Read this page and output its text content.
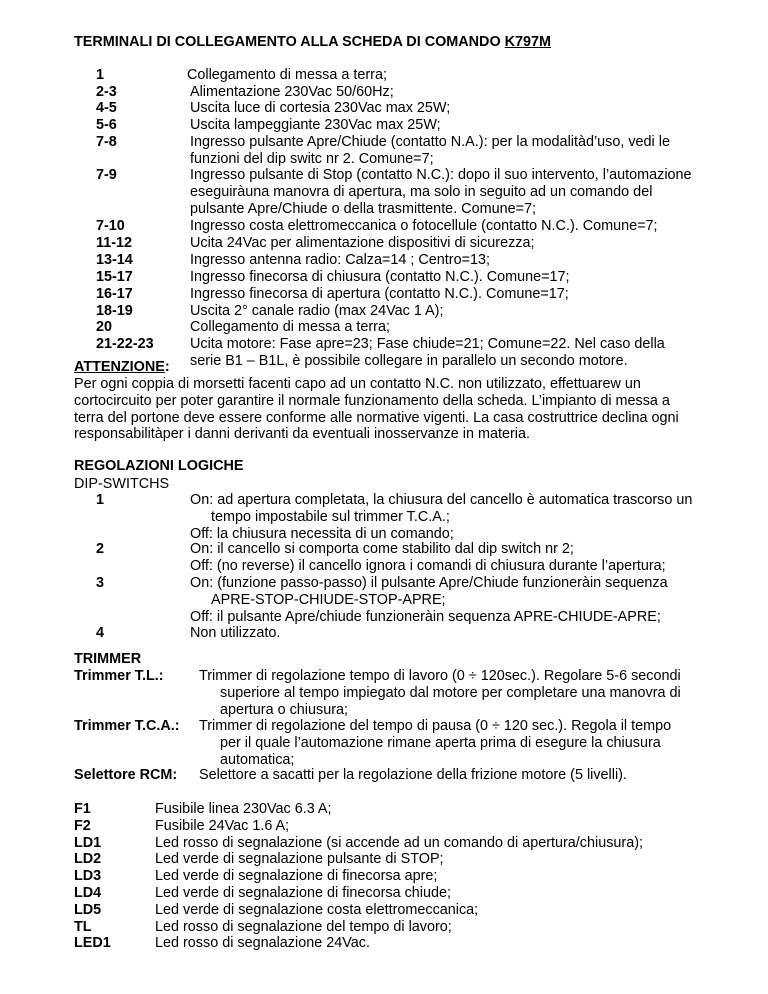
TERMINALI DI COLLEGAMENTO ALLA SCHEDA DI COMANDO K797M
1	Collegamento di messa a terra;
2-3	Alimentazione 230Vac 50/60Hz;
4-5	Uscita luce di cortesia 230Vac max 25W;
5-6	Uscita lampeggiante 230Vac max 25W;
7-8	Ingresso pulsante Apre/Chiude (contatto N.A.): per la modalitàd’uso, vedi le
funzioni del dip switc nr 2. Comune=7;
7-9	Ingresso pulsante di Stop (contatto N.C.): dopo il suo intervento, l’automazione
eseguiràuna manovra di apertura, ma solo in seguito ad un comando del
pulsante Apre/Chiude o della trasmittente. Comune=7;
7-10	Ingresso costa elettromeccanica o fotocellule (contatto N.C.). Comune=7;
11-12	Ucita 24Vac per alimentazione dispositivi di sicurezza;
13-14	Ingresso antenna radio: Calza=14 ; Centro=13;
15-17	Ingresso finecorsa di chiusura (contatto N.C.). Comune=17;
16-17	Ingresso finecorsa di apertura (contatto N.C.). Comune=17;
18-19	Uscita 2° canale radio (max 24Vac 1 A);
20	Collegamento di messa a terra;
21-22-23	Ucita motore: Fase apre=23; Fase chiude=21; Comune=22. Nel caso della
serie B1 – B1L, è possibile collegare in parallelo un secondo motore.
ATTENZIONE:
Per ogni coppia di morsetti facenti capo ad un contatto N.C. non utilizzato, effettuarew un
cortocircuito per poter garantire il normale funzionamento della scheda. L’impianto di messa a
terra del portone deve essere conforme alle normative vigenti. La casa costruttrice declina ogni
responsabilitàper i danni derivanti da eventuali inosservanze in materia.
REGOLAZIONI LOGICHE
DIP-SWITCHS
1	On: ad apertura completata, la chiusura del cancello è automatica trascorso un
tempo impostabile sul trimmer T.C.A.;
Off: la chiusura necessita di un comando;
2	On: il cancello si comporta come stabilito dal dip switch nr 2;
Off: (no reverse) il cancello ignora i comandi di chiusura durante l’apertura;
3	On: (funzione passo-passo) il pulsante Apre/Chiude funzioneràin sequenza
APRE-STOP-CHIUDE-STOP-APRE;
Off: il pulsante Apre/chiude funzioneràin sequenza APRE-CHIUDE-APRE;
4	Non utilizzato.
TRIMMER
Trimmer T.L.: Trimmer di regolazione tempo di lavoro (0 ÷ 120sec.). Regolare 5-6 secondi
superiore al tempo impiegato dal motore per completare una manovra di
apertura o chiusura;
Trimmer T.C.A.: Trimmer di regolazione del tempo di pausa (0 ÷ 120 sec.). Regola il tempo
per il quale l’automazione rimane aperta prima di esegure la chiusura
automatica;
Selettore RCM: Selettore a sacatti per la regolazione della frizione motore (5 livelli).
F1	Fusibile linea 230Vac 6.3 A;
F2	Fusibile 24Vac 1.6 A;
LD1	Led rosso di segnalazione (si accende ad un comando di apertura/chiusura);
LD2	Led verde di segnalazione pulsante di STOP;
LD3	Led verde di segnalazione di finecorsa apre;
LD4	Led verde di segnalazione di finecorsa chiude;
LD5	Led verde di segnalazione costa elettromeccanica;
TL	Led rosso di segnalazione del tempo di lavoro;
LED1	Led rosso di segnalazione 24Vac.
